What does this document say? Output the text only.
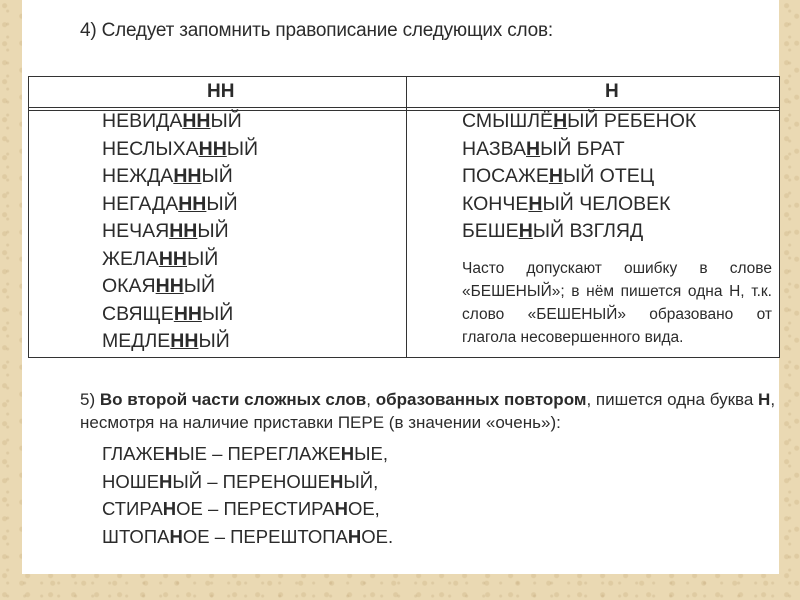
4) Следует запомнить правописание следующих слов:
НН	Н
НЕВИДАННЫЙ
НЕСЛЫХАННЫЙ
НЕЖДАННЫЙ
НЕГАДАННЫЙ
НЕЧАЯННЫЙ
ЖЕЛАННЫЙ
ОКАЯННЫЙ
СВЯЩЕННЫЙ
МЕДЛЕННЫЙ
СМЫШЛЁНЫЙ РЕБЕНОК
НАЗВАНЫЙ БРАТ
ПОСАЖЕНЫЙ ОТЕЦ
КОНЧЕНЫЙ ЧЕЛОВЕК
БЕШЕНЫЙ ВЗГЛЯД
Часто допускают ошибку в слове «БЕШЕНЫЙ»; в нём пишется одна Н, т.к. слово «БЕШЕНЫЙ» образовано от глагола несовершенного вида.
5) Во второй части сложных слов, образованных повтором, пишется одна буква Н, несмотря на наличие приставки ПЕРЕ (в значении «очень»):
ГЛАЖЕНЫЕ – ПЕРЕГЛАЖЕНЫЕ,
НОШЕНЫЙ – ПЕРЕНОШЕНЫЙ,
СТИРАНОЕ – ПЕРЕСТИРАНОЕ,
ШТОПАНОЕ – ПЕРЕШТОПАНОЕ.
